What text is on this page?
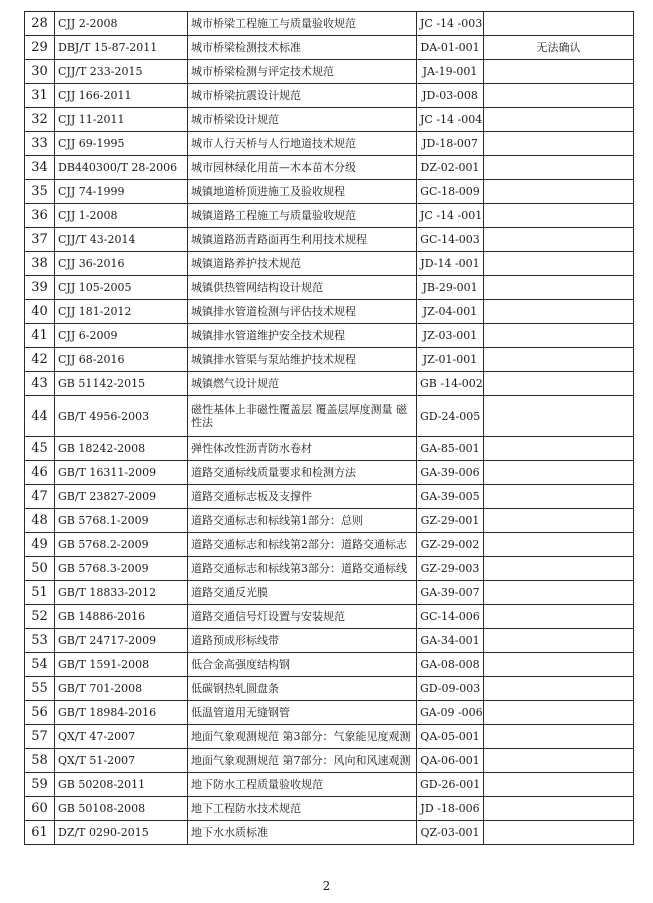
28	CJJ 2-2008	城市桥梁工程施工与质量验收规范	JC -14 -003	
29	DBJ/T 15-87-2011	城市桥梁检测技术标准	DA-01-001	无法确认
30	CJJ/T 233-2015	城市桥梁检测与评定技术规范	JA-19-001	
31	CJJ 166-2011	城市桥梁抗震设计规范	JD-03-008	
32	CJJ 11-2011	城市桥梁设计规范	JC -14 -004	
33	CJJ 69-1995	城市人行天桥与人行地道技术规范	JD-18-007	
34	DB440300/T 28-2006	城市园林绿化用苗—木本苗木分级	DZ-02-001	
35	CJJ 74-1999	城镇地道桥顶进施工及验收规程	GC-18-009	
36	CJJ 1-2008	城镇道路工程施工与质量验收规范	JC -14 -001	
37	CJJ/T 43-2014	城镇道路沥青路面再生利用技术规程	GC-14-003	
38	CJJ 36-2016	城镇道路养护技术规范	JD-14 -001	
39	CJJ 105-2005	城镇供热管网结构设计规范	JB-29-001	
40	CJJ 181-2012	城镇排水管道检测与评估技术规程	JZ-04-001	
41	CJJ 6-2009	城镇排水管道维护安全技术规程	JZ-03-001	
42	CJJ 68-2016	城镇排水管渠与泵站维护技术规程	JZ-01-001	
43	GB 51142-2015	城镇燃气设计规范	GB -14-002	
44	GB/T 4956-2003	磁性基体上非磁性覆盖层 覆盖层厚度测量 磁性法	GD-24-005	
45	GB 18242-2008	弹性体改性沥青防水卷材	GA-85-001	
46	GB/T 16311-2009	道路交通标线质量要求和检测方法	GA-39-006	
47	GB/T 23827-2009	道路交通标志板及支撑件	GA-39-005	
48	GB 5768.1-2009	道路交通标志和标线第1部分：总则	GZ-29-001	
49	GB 5768.2-2009	道路交通标志和标线第2部分：道路交通标志	GZ-29-002	
50	GB 5768.3-2009	道路交通标志和标线第3部分：道路交通标线	GZ-29-003	
51	GB/T 18833-2012	道路交通反光膜	GA-39-007	
52	GB 14886-2016	道路交通信号灯设置与安装规范	GC-14-006	
53	GB/T 24717-2009	道路预成形标线带	GA-34-001	
54	GB/T 1591-2008	低合金高强度结构钢	GA-08-008	
55	GB/T 701-2008	低碳钢热轧圆盘条	GD-09-003	
56	GB/T 18984-2016	低温管道用无缝钢管	GA-09 -006	
57	QX/T 47-2007	地面气象观测规范 第3部分：气象能见度观测	QA-05-001	
58	QX/T 51-2007	地面气象观测规范 第7部分：风向和风速观测	QA-06-001	
59	GB 50208-2011	地下防水工程质量验收规范	GD-26-001	
60	GB 50108-2008	地下工程防水技术规范	JD -18-006	
61	DZ/T 0290-2015	地下水水质标准	QZ-03-001	
2
